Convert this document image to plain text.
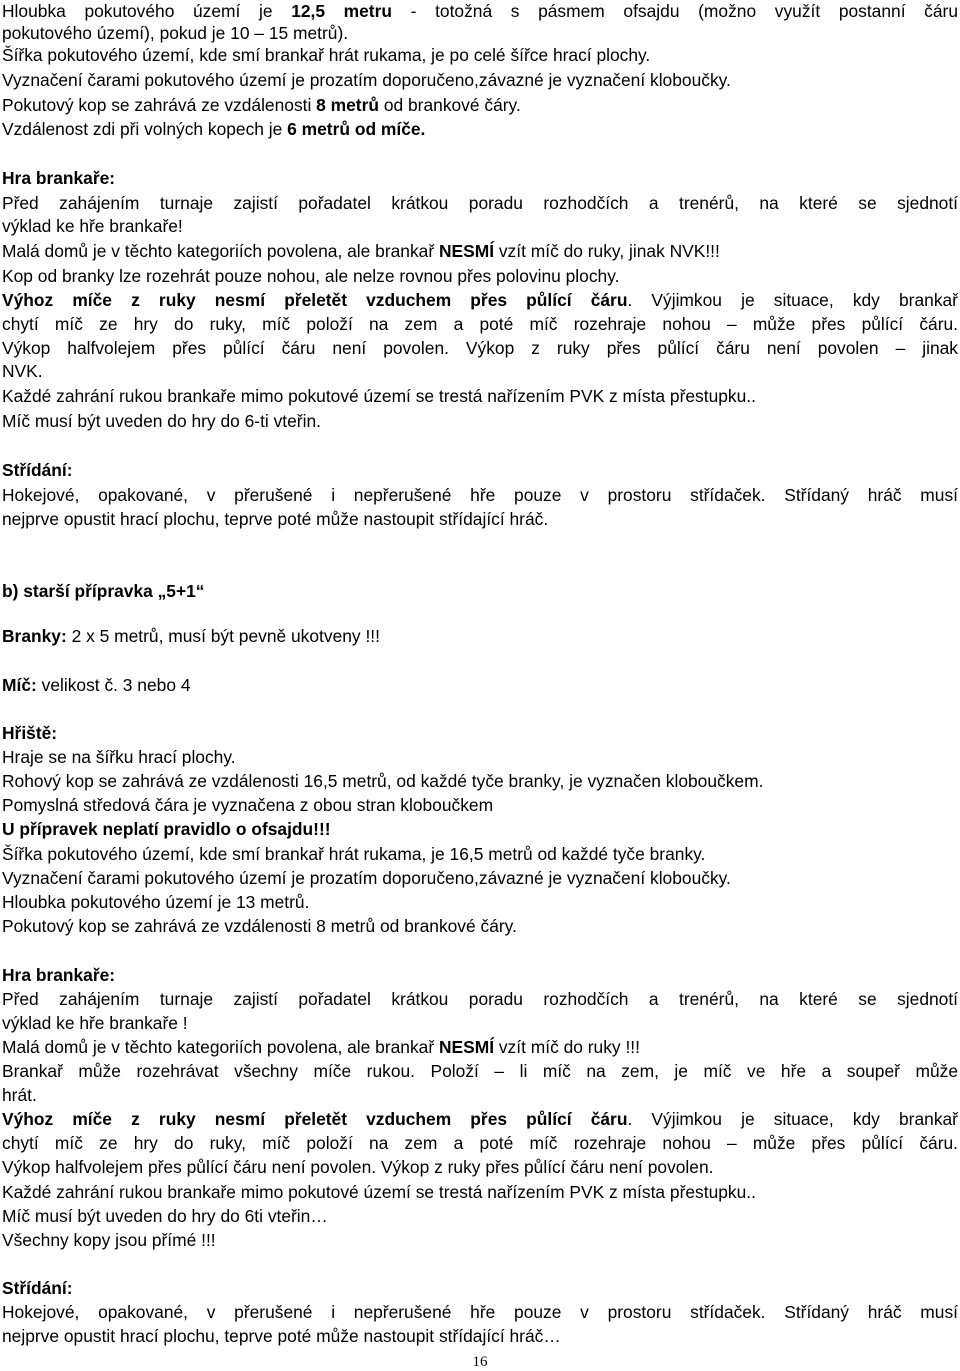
Hloubka pokutového území je 12,5 metru - totožná s pásmem ofsajdu (možno využít postanní čáru
pokutového území), pokud je 10 – 15 metrů).
Šířka pokutového území, kde smí brankař hrát rukama, je po celé šířce hrací plochy.
Vyznačení čarami pokutového území je prozatím doporučeno,závazné je vyznačení kloboučky.
Pokutový kop se zahrává ze vzdálenosti 8 metrů od brankové čáry.
Vzdálenost zdi při volných kopech je 6 metrů od míče.
Hra brankaře:
Před zahájením turnaje zajistí pořadatel krátkou poradu rozhodčích a trenérů, na které se sjednotí
výklad ke hře brankaře!
Malá domů je v těchto kategoriích povolena, ale brankař NESMÍ vzít míč do ruky, jinak NVK!!!
Kop od branky lze rozehrát pouze nohou, ale nelze rovnou přes polovinu plochy.
Výhoz míče z ruky nesmí přeletět vzduchem přes půlící čáru. Výjimkou je situace, kdy brankař
chytí míč ze hry do ruky, míč položí na zem a poté míč rozehraje nohou – může přes půlící čáru.
Výkop halfvolejem přes půlící čáru není povolen. Výkop z ruky přes půlící čáru není povolen – jinak
NVK.
Každé zahrání rukou brankaře mimo pokutové území se trestá nařízením PVK z místa přestupku..
Míč musí být uveden do hry do 6-ti vteřin.
Střídání:
Hokejové, opakované, v přerušené i nepřerušené hře pouze v prostoru střídaček. Střídaný hráč musí
nejprve opustit hrací plochu, teprve poté může nastoupit střídající hráč.
b) starší přípravka „5+1“
Branky: 2 x 5 metrů, musí být pevně ukotveny !!!
Míč: velikost č. 3 nebo 4
Hřiště:
Hraje se na šířku hrací plochy.
Rohový kop se zahrává ze vzdálenosti 16,5 metrů, od každé tyče branky, je vyznačen kloboučkem.
Pomyslná středová čára je vyznačena z obou stran kloboučkem
U přípravek neplatí pravidlo o ofsajdu!!!
Šířka pokutového území, kde smí brankař hrát rukama, je 16,5 metrů od každé tyče branky.
Vyznačení čarami pokutového území je prozatím doporučeno,závazné je vyznačení kloboučky.
Hloubka pokutového území je 13 metrů.
Pokutový kop se zahrává ze vzdálenosti 8 metrů od brankové čáry.
Hra brankaře:
Před zahájením turnaje zajistí pořadatel krátkou poradu rozhodčích a trenérů, na které se sjednotí
výklad ke hře brankaře !
Malá domů je v těchto kategoriích povolena, ale brankař NESMÍ vzít míč do ruky !!!
Brankař může rozehrávat všechny míče rukou. Položí – li míč na zem, je míč ve hře a soupeř může
hrát.
Výhoz míče z ruky nesmí přeletět vzduchem přes půlící čáru. Výjimkou je situace, kdy brankař
chytí míč ze hry do ruky, míč položí na zem a poté míč rozehraje nohou – může přes půlící čáru.
Výkop halfvolejem přes půlící čáru není povolen. Výkop z ruky přes půlící čáru není povolen.
Každé zahrání rukou brankaře mimo pokutové území se trestá nařízením PVK z místa přestupku..
Míč musí být uveden do hry do 6ti vteřin…
Všechny kopy jsou přímé !!!
Střídání:
Hokejové, opakované, v přerušené i nepřerušené hře pouze v prostoru střídaček. Střídaný hráč musí
nejprve opustit hrací plochu, teprve poté může nastoupit střídající hráč…
16
